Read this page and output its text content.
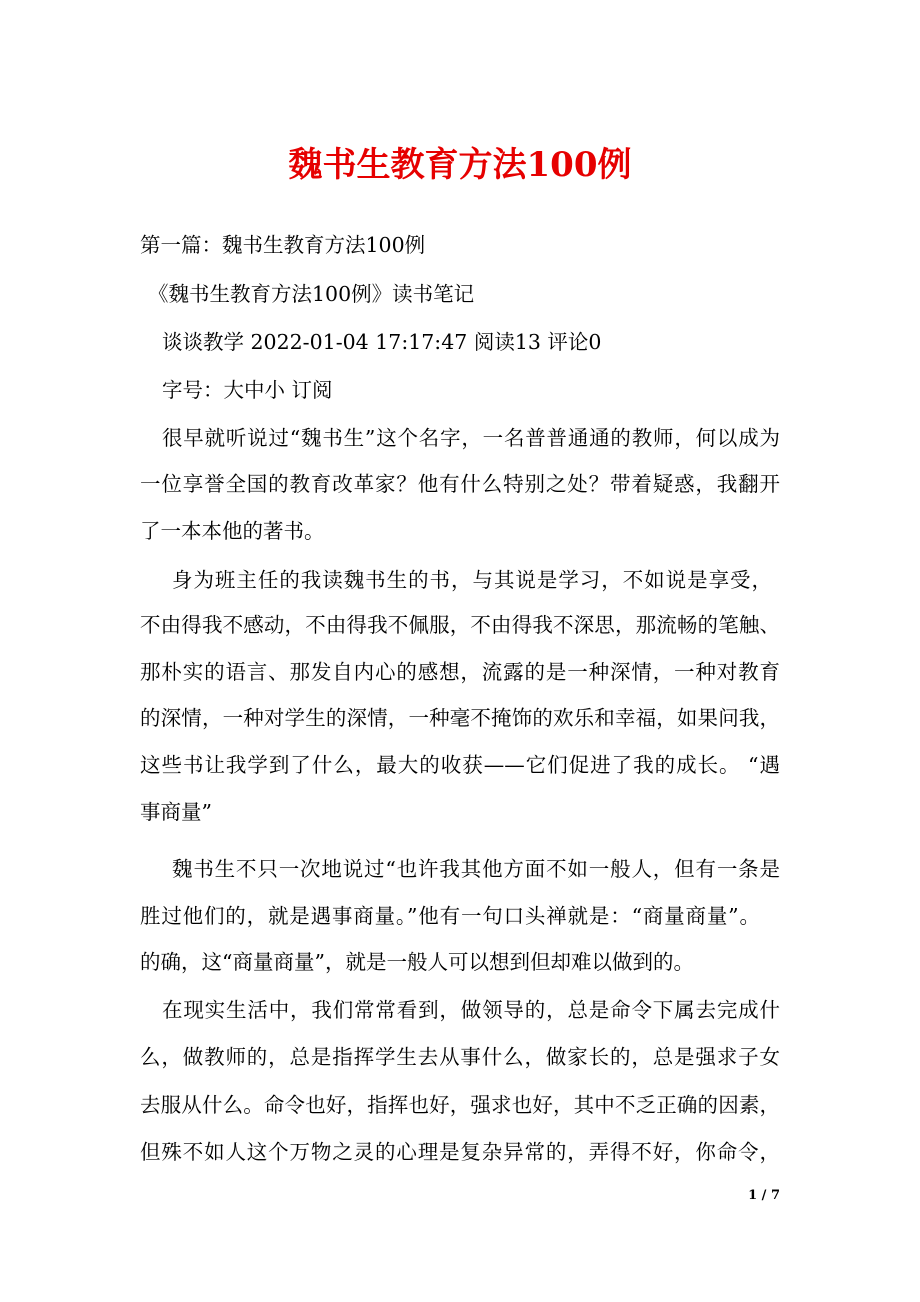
魏书生教育方法100例
第一篇：魏书生教育方法100例
《魏书生教育方法100例》读书笔记
谈谈教学 2022-01-04 17:17:47 阅读13 评论0
字号：大中小 订阅
很早就听说过“魏书生”这个名字，一名普普通通的教师，何以成为
一位享誉全国的教育改革家？他有什么特别之处？带着疑惑，我翻开
了一本本他的著书。
身为班主任的我读魏书生的书，与其说是学习，不如说是享受，
不由得我不感动，不由得我不佩服，不由得我不深思，那流畅的笔触、
那朴实的语言、那发自内心的感想，流露的是一种深情，一种对教育
的深情，一种对学生的深情，一种毫不掩饰的欢乐和幸福，如果问我，
这些书让我学到了什么，最大的收获——它们促进了我的成长。 “遇
事商量”
魏书生不只一次地说过“也许我其他方面不如一般人，但有一条是
胜过他们的，就是遇事商量。”他有一句口头禅就是：“商量商量”。
的确，这“商量商量”，就是一般人可以想到但却难以做到的。
在现实生活中，我们常常看到，做领导的，总是命令下属去完成什
么，做教师的，总是指挥学生去从事什么，做家长的，总是强求子女
去服从什么。命令也好，指挥也好，强求也好，其中不乏正确的因素，
但殊不如人这个万物之灵的心理是复杂异常的，弄得不好，你命令，
1 / 7
